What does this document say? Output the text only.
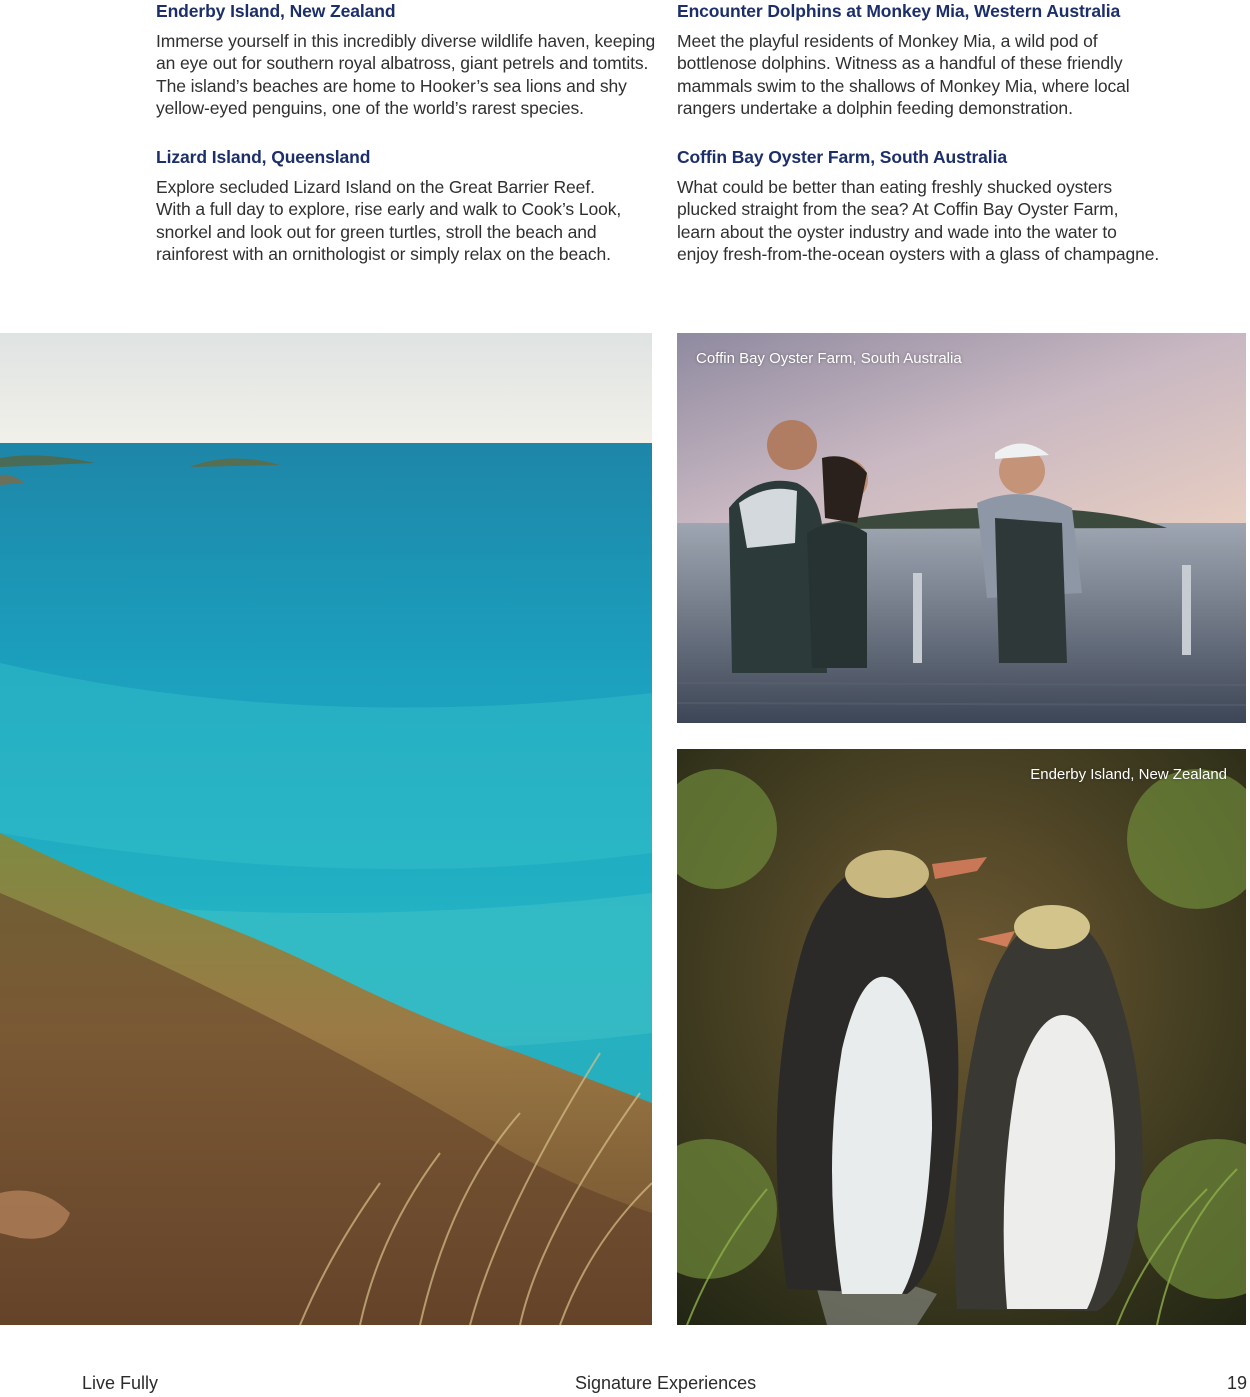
Enderby Island, New Zealand

Immerse yourself in this incredibly diverse wildlife haven, keeping
an eye out for southern royal albatross, giant petrels and tomtits.
The island’s beaches are home to Hooker’s sea lions and shy
yellow-eyed penguins, one of the world’s rarest species.

Lizard Island, Queensland

Explore secluded Lizard Island on the Great Barrier Reef.
With a full day to explore, rise early and walk to Cook’s Look,
snorkel and look out for green turtles, stroll the beach and
rainforest with an ornithologist or simply relax on the beach.

Encounter Dolphins at Monkey Mia, Western Australia

Meet the playful residents of Monkey Mia, a wild pod of
bottlenose dolphins. Witness as a handful of these friendly
mammals swim to the shallows of Monkey Mia, where local
rangers undertake a dolphin feeding demonstration.

Coffin Bay Oyster Farm, South Australia

What could be better than eating freshly shucked oysters
plucked straight from the sea? At Coffin Bay Oyster Farm,
learn about the oyster industry and wade into the water to
enjoy fresh-from-the-ocean oysters with a glass of champagne.

Coffin Bay Oyster Farm, South Australia
Enderby Island, New Zealand
Live Fully	Signature Experiences	19
